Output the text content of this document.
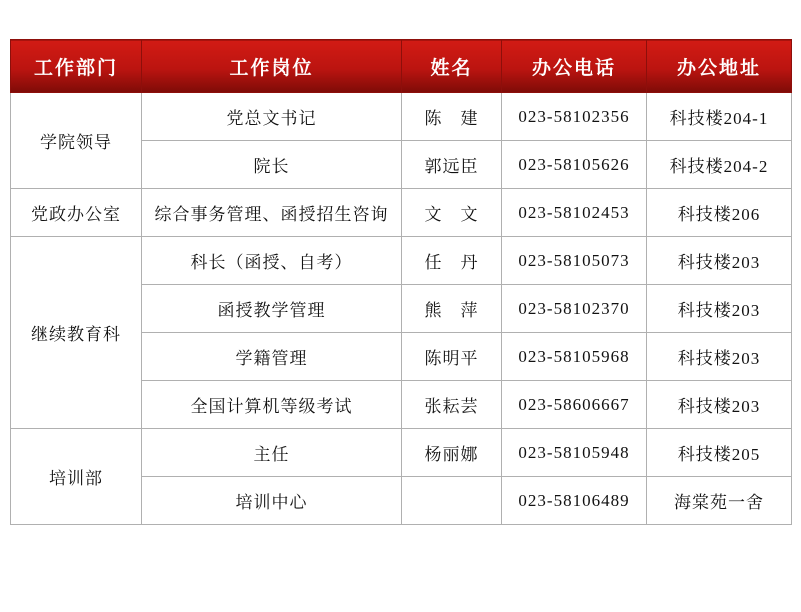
工作部门	工作岗位	姓名	办公电话	办公地址
学院领导	党总文书记	陈　建	023-58102356	科技楼204-1
	院长	郭远臣	023-58105626	科技楼204-2
党政办公室	综合事务管理、函授招生咨询	文　文	023-58102453	科技楼206
继续教育科	科长（函授、自考）	任　丹	023-58105073	科技楼203
	函授教学管理	熊　萍	023-58102370	科技楼203
	学籍管理	陈明平	023-58105968	科技楼203
	全国计算机等级考试	张耘芸	023-58606667	科技楼203
培训部	主任	杨丽娜	023-58105948	科技楼205
	培训中心		023-58106489	海棠苑一舍
